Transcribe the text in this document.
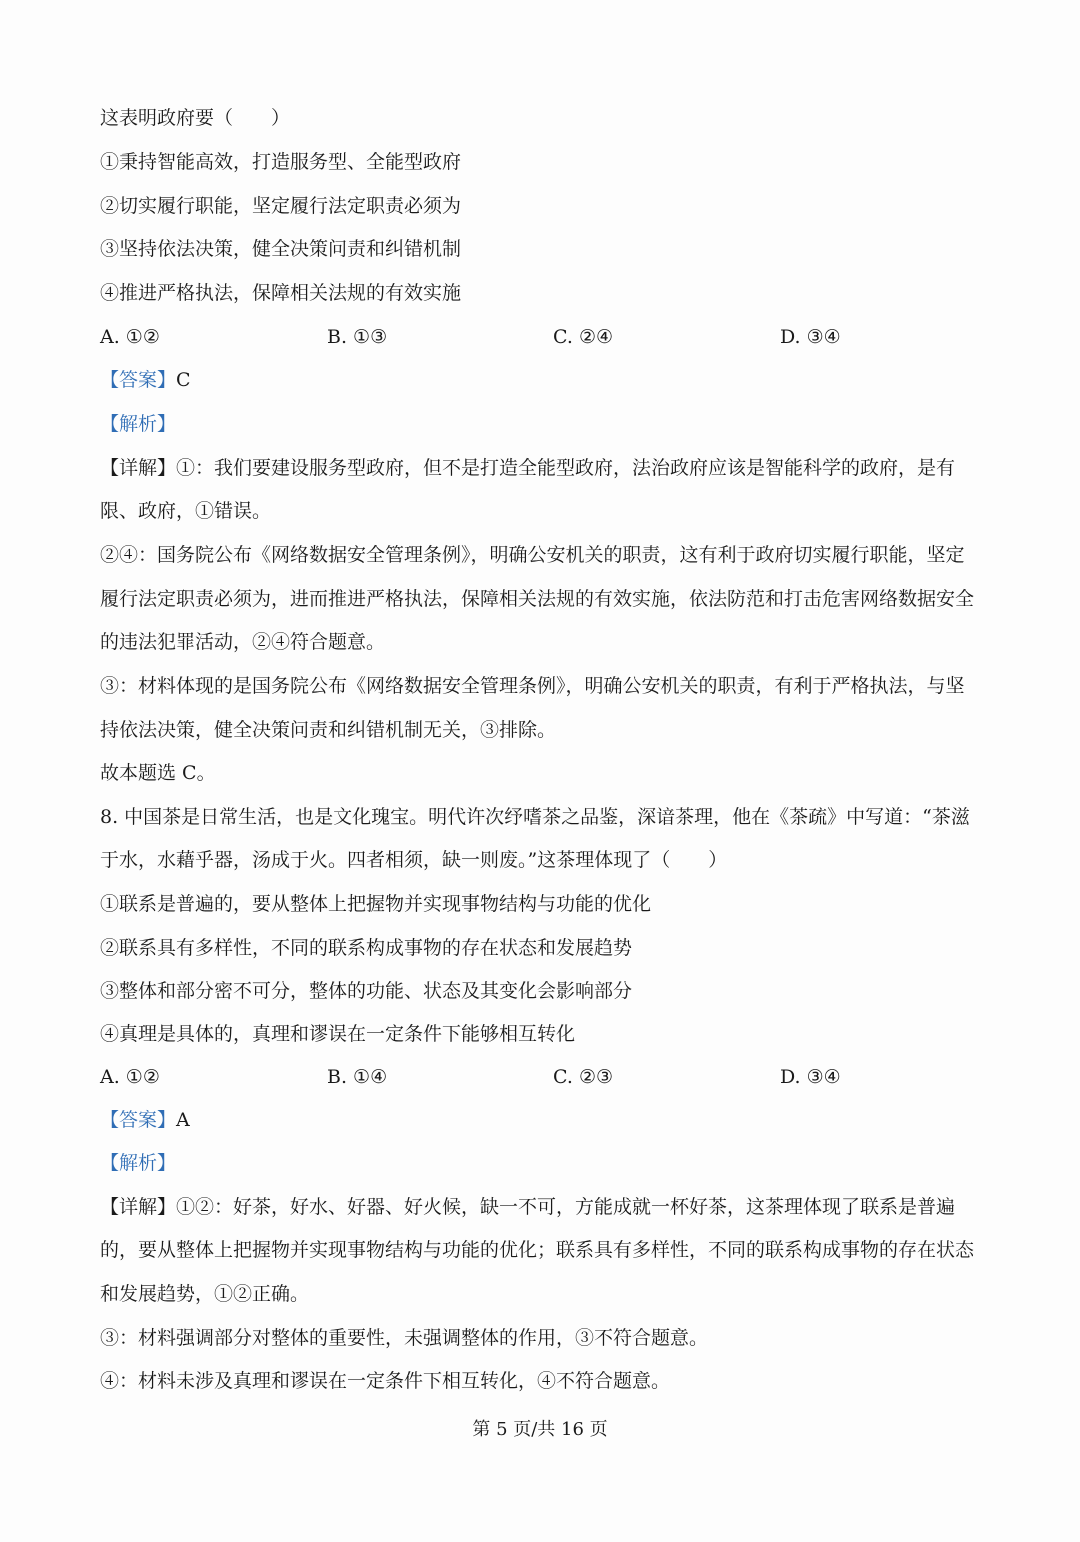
这表明政府要（　　）
①秉持智能高效，打造服务型、全能型政府
②切实履行职能，坚定履行法定职责必须为
③坚持依法决策，健全决策问责和纠错机制
④推进严格执法，保障相关法规的有效实施
A. ①②	B. ①③	C. ②④	D. ③④
【答案】C
【解析】
【详解】①：我们要建设服务型政府，但不是打造全能型政府，法治政府应该是智能科学的政府，是有
限、政府，①错误。
②④：国务院公布《网络数据安全管理条例》，明确公安机关的职责，这有利于政府切实履行职能，坚定
履行法定职责必须为，进而推进严格执法，保障相关法规的有效实施，依法防范和打击危害网络数据安全
的违法犯罪活动，②④符合题意。
③：材料体现的是国务院公布《网络数据安全管理条例》，明确公安机关的职责，有利于严格执法，与坚
持依法决策，健全决策问责和纠错机制无关，③排除。
故本题选 C。
8. 中国茶是日常生活，也是文化瑰宝。明代许次纾嗜茶之品鉴，深谙茶理，他在《茶疏》中写道：“茶滋
于水，水藉乎器，汤成于火。四者相须，缺一则废。”这茶理体现了（　　）
①联系是普遍的，要从整体上把握物并实现事物结构与功能的优化
②联系具有多样性，不同的联系构成事物的存在状态和发展趋势
③整体和部分密不可分，整体的功能、状态及其变化会影响部分
④真理是具体的，真理和谬误在一定条件下能够相互转化
A. ①②	B. ①④	C. ②③	D. ③④
【答案】A
【解析】
【详解】①②：好茶，好水、好器、好火候，缺一不可，方能成就一杯好茶，这茶理体现了联系是普遍
的，要从整体上把握物并实现事物结构与功能的优化；联系具有多样性，不同的联系构成事物的存在状态
和发展趋势，①②正确。
③：材料强调部分对整体的重要性，未强调整体的作用，③不符合题意。
④：材料未涉及真理和谬误在一定条件下相互转化，④不符合题意。
第 5 页/共 16 页
